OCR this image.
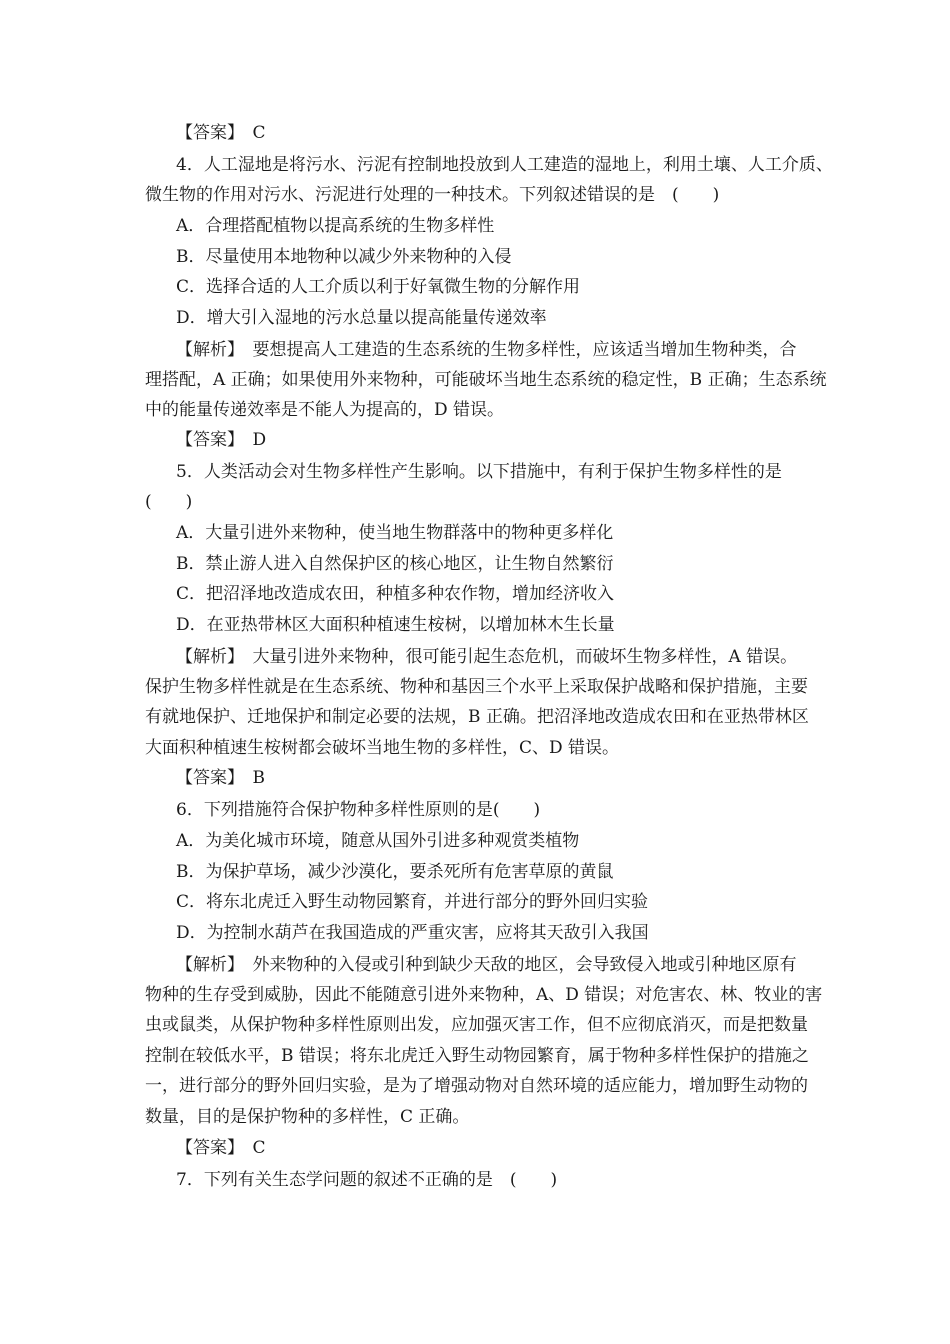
【答案】　C
4．人工湿地是将污水、污泥有控制地投放到人工建造的湿地上，利用土壤、人工介质、
微生物的作用对污水、污泥进行处理的一种技术。下列叙述错误的是　(　　)
A．合理搭配植物以提高系统的生物多样性
B．尽量使用本地物种以减少外来物种的入侵
C．选择合适的人工介质以利于好氧微生物的分解作用
D．增大引入湿地的污水总量以提高能量传递效率
【解析】　要想提高人工建造的生态系统的生物多样性，应该适当增加生物种类，合
理搭配，A 正确；如果使用外来物种，可能破坏当地生态系统的稳定性，B 正确；生态系统
中的能量传递效率是不能人为提高的，D 错误。
【答案】　D
5．人类活动会对生物多样性产生影响。以下措施中，有利于保护生物多样性的是
(　　)
A．大量引进外来物种，使当地生物群落中的物种更多样化
B．禁止游人进入自然保护区的核心地区，让生物自然繁衍
C．把沼泽地改造成农田，种植多种农作物，增加经济收入
D．在亚热带林区大面积种植速生桉树，以增加林木生长量
【解析】　大量引进外来物种，很可能引起生态危机，而破坏生物多样性，A 错误。
保护生物多样性就是在生态系统、物种和基因三个水平上采取保护战略和保护措施，主要
有就地保护、迁地保护和制定必要的法规，B 正确。把沼泽地改造成农田和在亚热带林区
大面积种植速生桉树都会破坏当地生物的多样性，C、D 错误。
【答案】　B
6．下列措施符合保护物种多样性原则的是(　　)
A．为美化城市环境，随意从国外引进多种观赏类植物
B．为保护草场，减少沙漠化，要杀死所有危害草原的黄鼠
C．将东北虎迁入野生动物园繁育，并进行部分的野外回归实验
D．为控制水葫芦在我国造成的严重灾害，应将其天敌引入我国
【解析】　外来物种的入侵或引种到缺少天敌的地区，会导致侵入地或引种地区原有
物种的生存受到威胁，因此不能随意引进外来物种，A、D 错误；对危害农、林、牧业的害
虫或鼠类，从保护物种多样性原则出发，应加强灭害工作，但不应彻底消灭，而是把数量
控制在较低水平，B 错误；将东北虎迁入野生动物园繁育，属于物种多样性保护的措施之
一，进行部分的野外回归实验，是为了增强动物对自然环境的适应能力，增加野生动物的
数量，目的是保护物种的多样性，C 正确。
【答案】　C
7．下列有关生态学问题的叙述不正确的是　(　　)
